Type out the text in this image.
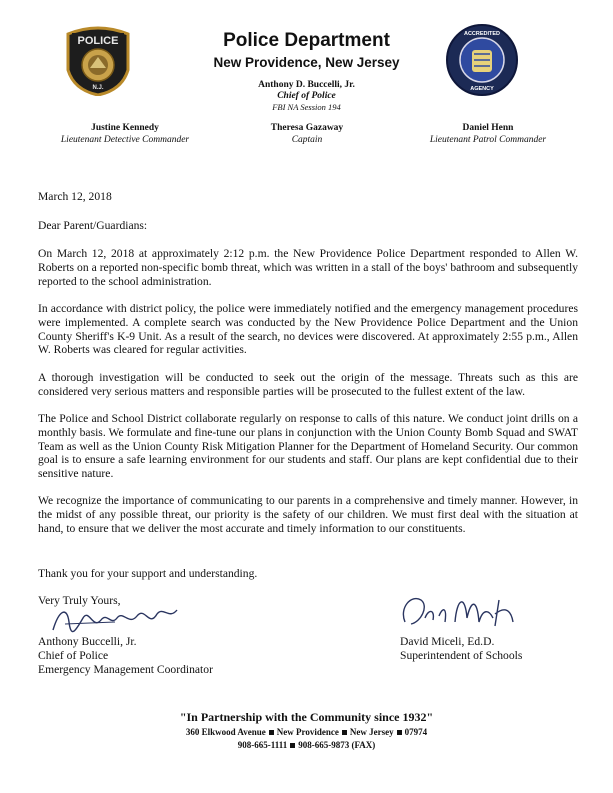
POLICE
N.J.
ACCREDITED
AGENCY
Police Department
New Providence, New Jersey
Anthony D. Buccelli, Jr.
Chief of Police
FBI NA Session 194
Justine Kennedy
Lieutenant Detective Commander
Theresa Gazaway
Captain
Daniel Henn
Lieutenant Patrol Commander
March 12, 2018
Dear Parent/Guardians:
On March 12, 2018 at approximately 2:12 p.m. the New Providence Police Department responded to Allen W. Roberts on a reported non-specific bomb threat, which was written in a stall of the boys' bathroom and subsequently reported to the school administration.
In accordance with district policy, the police were immediately notified and the emergency management procedures were implemented. A complete search was conducted by the New Providence Police Department and the Union County Sheriff's K-9 Unit. As a result of the search, no devices were discovered. At approximately 2:55 p.m., Allen W. Roberts was cleared for regular activities.
A thorough investigation will be conducted to seek out the origin of the message. Threats such as this are considered very serious matters and responsible parties will be prosecuted to the fullest extent of the law.
The Police and School District collaborate regularly on response to calls of this nature. We conduct joint drills on a monthly basis. We formulate and fine-tune our plans in conjunction with the Union County Bomb Squad and SWAT Team as well as the Union County Risk Mitigation Planner for the Department of Homeland Security. Our common goal is to ensure a safe learning environment for our students and staff. Our plans are kept confidential due to their sensitive nature.
We recognize the importance of communicating to our parents in a comprehensive and timely manner. However, in the midst of any possible threat, our priority is the safety of our children. We must first deal with the situation at hand, to ensure that we deliver the most accurate and timely information to our constituents.
Thank you for your support and understanding.
Very Truly Yours,
Anthony Buccelli, Jr.
Chief of Police
Emergency Management Coordinator
David Miceli, Ed.D.
Superintendent of Schools
"In Partnership with the Community since 1932"
360 Elkwood Avenue New Providence New Jersey 07974
908-665-1111 908-665-9873 (FAX)
